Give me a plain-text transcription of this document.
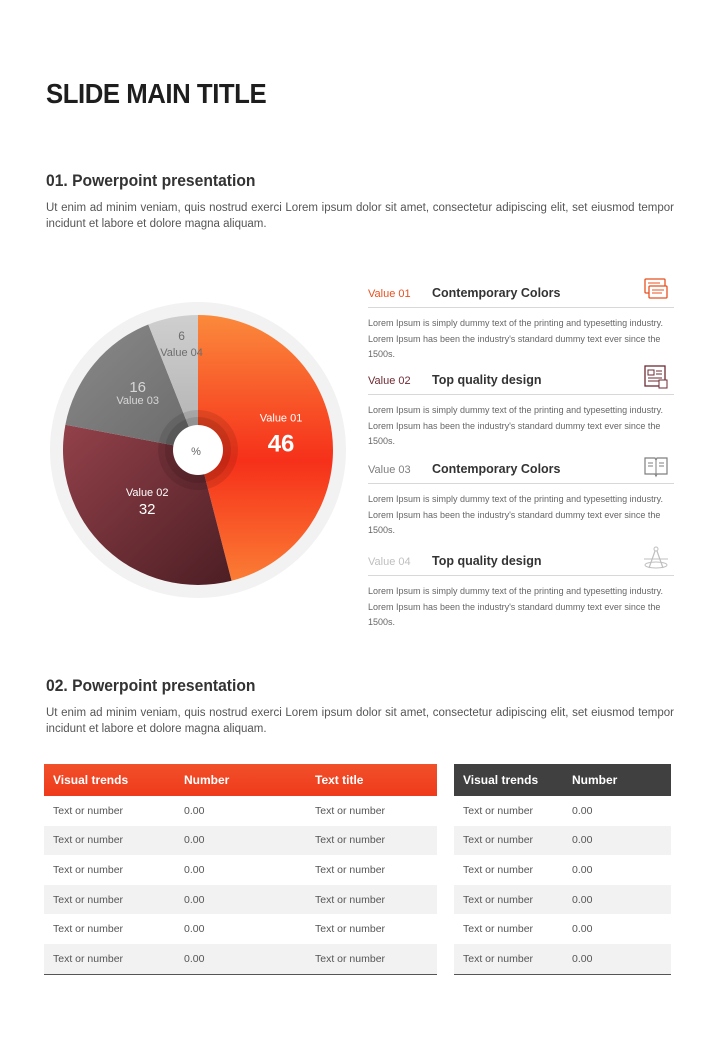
SLIDE MAIN TITLE
01. Powerpoint presentation
Ut enim ad minim veniam, quis nostrud exerci Lorem ipsum dolor sit amet, consectetur adipiscing elit, set eiusmod tempor incidunt et labore et dolore magna aliquam.
%
Value 01
46
Value 02
32
Value 03
16
6
Value 04
Value 01 Contemporary Colors
Lorem Ipsum is simply dummy text of the printing and typesetting industry. Lorem Ipsum has been the industry's standard dummy text ever since the 1500s.
Value 02 Top quality design
Lorem Ipsum is simply dummy text of the printing and typesetting industry. Lorem Ipsum has been the industry's standard dummy text ever since the 1500s.
Value 03 Contemporary Colors
Lorem Ipsum is simply dummy text of the printing and typesetting industry. Lorem Ipsum has been the industry's standard dummy text ever since the 1500s.
Value 04 Top quality design
Lorem Ipsum is simply dummy text of the printing and typesetting industry. Lorem Ipsum has been the industry's standard dummy text ever since the 1500s.
02. Powerpoint presentation
Ut enim ad minim veniam, quis nostrud exerci Lorem ipsum dolor sit amet, consectetur adipiscing elit, set eiusmod tempor incidunt et labore et dolore magna aliquam.
Visual trends	Number	Text title
Text or number	0.00	Text or number
Text or number	0.00	Text or number
Text or number	0.00	Text or number
Text or number	0.00	Text or number
Text or number	0.00	Text or number
Text or number	0.00	Text or number
Visual trends	Number
Text or number	0.00
Text or number	0.00
Text or number	0.00
Text or number	0.00
Text or number	0.00
Text or number	0.00
